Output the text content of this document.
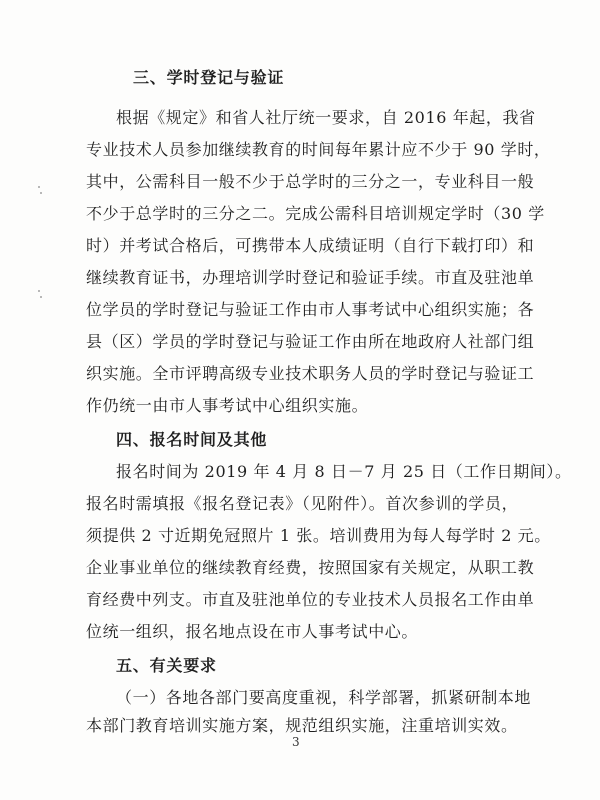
三、学时登记与验证
根据《规定》和省人社厅统一要求，自 2016 年起，我省
专业技术人员参加继续教育的时间每年累计应不少于 90 学时，
其中，公需科目一般不少于总学时的三分之一，专业科目一般
不少于总学时的三分之二。完成公需科目培训规定学时（30 学
时）并考试合格后，可携带本人成绩证明（自行下载打印）和
继续教育证书，办理培训学时登记和验证手续。市直及驻池单
位学员的学时登记与验证工作由市人事考试中心组织实施；各
县（区）学员的学时登记与验证工作由所在地政府人社部门组
织实施。全市评聘高级专业技术职务人员的学时登记与验证工
作仍统一由市人事考试中心组织实施。
四、报名时间及其他
报名时间为 2019 年 4 月 8 日－7 月 25 日（工作日期间）。
报名时需填报《报名登记表》（见附件）。首次参训的学员，
须提供 2 寸近期免冠照片 1 张。培训费用为每人每学时 2 元。
企业事业单位的继续教育经费，按照国家有关规定，从职工教
育经费中列支。市直及驻池单位的专业技术人员报名工作由单
位统一组织，报名地点设在市人事考试中心。
五、有关要求
（一）各地各部门要高度重视，科学部署，抓紧研制本地
本部门教育培训实施方案，规范组织实施，注重培训实效。
3
